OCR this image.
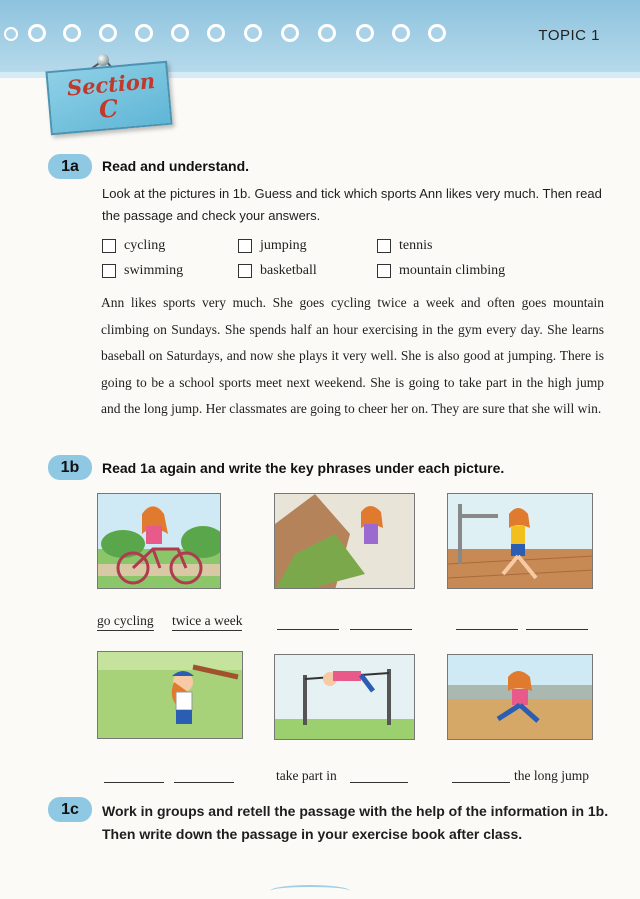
TOPIC 1
Section
C
1a	Read and understand.
Look at the pictures in 1b. Guess and tick which sports Ann likes very much. Then read the passage and check your answers.
cycling	jumping	tennis
swimming	basketball	mountain climbing
Ann likes sports very much. She goes cycling twice a week and often goes mountain climbing on Sundays. She spends half an hour exercising in the gym every day. She learns baseball on Saturdays, and now she plays it very well. She is also good at jumping. There is going to be a school sports meet next weekend. She is going to take part in the high jump and the long jump. Her classmates are going to cheer her on. They are sure that she will win.
1b	Read 1a again and write the key phrases under each picture.
go cycling twice a week
take part in	the long jump
1c	Work in groups and retell the passage with the help of the information in 1b. Then write down the passage in your exercise book after class.
